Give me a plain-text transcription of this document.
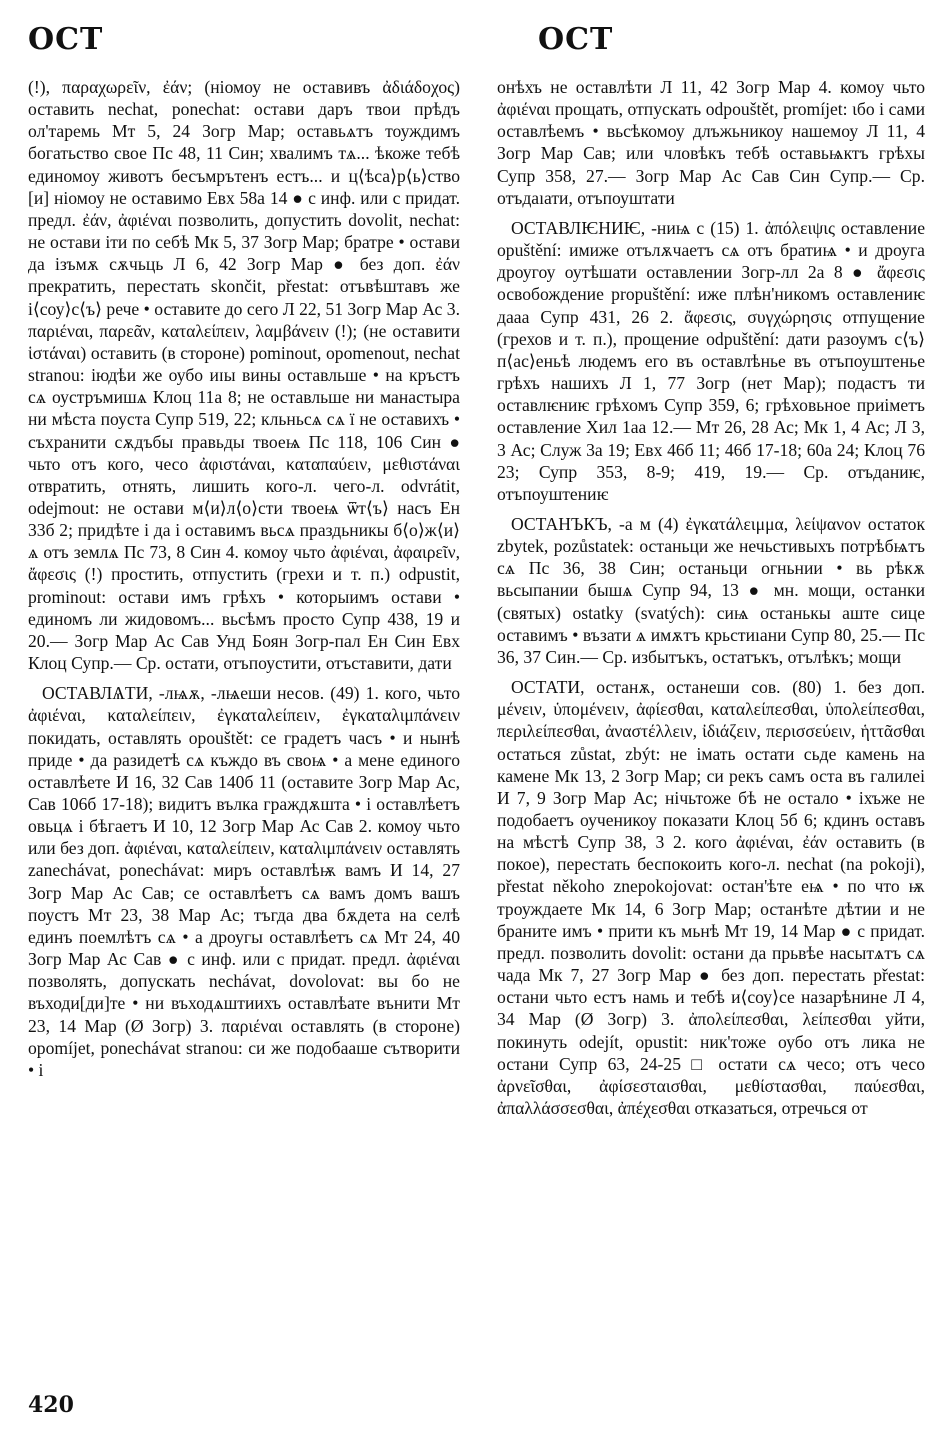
ОСТ	ОСТ

(!), παραχωρεῖν, ἐάν; (нiомоу не оставивъ ἀδιάδοχος) оставить nechat, ponechat: остави даръ твои прѣдъ ол'таремь Мт 5, 24 Зогр Мар; оставьѧтъ тоуждимъ богатьство свое Пс 48, 11 Син; хвалимъ тѧ... ѣкоже тебѣ единомоу животъ бесъмрътенъ естъ... и ц⟨ѣса⟩р⟨ь⟩ство [и] нiомоу не оставимо Евх 58а 14 ● с инф. или с придат. предл. ἐάν, ἀφιέναι позволить, допустить dovolit, nechat: не остави iти по себѣ Мк 5, 37 Зогр Мар; братре • остави да iзъмѫ сѫчьць Л 6, 42 Зогр Мар ● без доп. ἐάν прекратить, перестать skončit, přestat: отъвѣштавъ же i⟨соу⟩с⟨ъ⟩ рече • оставите до сего Л 22, 51 Зогр Мар Ас 3. παριέναι, παρεᾶν, καταλείπειν, λαμβάνειν (!); (не оставити ἱστάναι) оставить (в стороне) pominout, opomenout, nechat stranou: iюдѣи же оубо иɪы вины оставльше • на кръстъ сѧ оустръмишѧ Клоц 11а 8; не оставльше ни манастыра ни мѣста поуста Супр 519, 22; кльньсѧ сѧ ï не оставихъ • съхранити сѫдъбы правьды твоеѩ Пс 118, 106 Син ● чьто отъ кого, чесо ἀφιστάναι, καταπαύειν, μεθιστάναι отвратить, отнять, лишить кого-л. чего-л. odvrátit, odejmout: не остави м⟨и⟩л⟨о⟩сти твоеѩ ѿт⟨ъ⟩ насъ Ен 33б 2; придѣте і да і оставимъ вьсѧ праздьникы б⟨о⟩ж⟨и⟩ѧ отъ землѧ Пс 73, 8 Син 4. комоу чьто ἀφιέναι, ἀφαιρεῖν, ἄφεσις (!) простить, отпустить (грехи и т. п.) odpustit, prominout: остави имъ грѣхъ • которыимъ остави • единомъ ли жидовомъ... вьсѣмъ просто Супр 438, 19 и 20.— Зогр Мар Ас Сав Унд Боян Зогр-пал Ен Син Евх Клоц Супр.— Ср. остати, отъпоустити, отъставити, дати

ОСТАВЛѦТИ, -лѩѫ, -лѩеши несов. (49) 1. кого, чьто ἀφιέναι, καταλείπειν, ἐγκαταλείπειν, ἐγκαταλιμπάνειν покидать, оставлять opouštět: се градетъ часъ • и нынѣ приде • да разидетѣ сѧ къждо въ своѩ • а мене единого оставлѣете И 16, 32 Сав 140б 11 (оставите Зогр Мар Ас, Сав 106б 17-18); видитъ вълка граждѫшта • і оставлѣетъ овьцѧ і бѣгаетъ И 10, 12 Зогр Мар Ас Сав 2. комоу чьто или без доп. ἀφιέναι, καταλείπειν, καταλιμπάνειν оставлять zanechávat, ponechávat: миръ оставлѣѭ вамъ И 14, 27 Зогр Мар Ас Сав; се оставлѣетъ сѧ вамъ домъ вашъ поустъ Мт 23, 38 Мар Ас; тъгда два бѫдета на селѣ единъ поемлѣтъ сѧ • а дроугы оставлѣетъ сѧ Мт 24, 40 Зогр Мар Ас Сав ● с инф. или с придат. предл. ἀφιέναι позволять, допускать nechávat, dovolovat: вы бо не въходи[ди]те • ни въходѧштиихъ оставлѣате вънити Мт 23, 14 Мар (Ø Зогр) 3. παριέναι оставлять (в стороне) opomíjet, ponechávat stranou: си же подобааше сътворити • і

онѣхъ не оставлѣти Л 11, 42 Зогр Мар 4. комоу чьто ἀφιέναι прощать, отпускать odpouštět, promíjet: ιбо і сами оставлѣемъ • вьсѣкомоу длъжьникоу нашемоу Л 11, 4 Зогр Мар Сав; или чловѣкъ тебѣ оставьѩктъ грѣхы Супр 358, 27.— Зогр Мар Ас Сав Син Супр.— Ср. отъдаıати, отъпоуштати

ОСТАВЛѤНИѤ, -ниѩ с (15) 1. ἀπόλειψις оставление opuštění: имиже отълѫчаетъ сѧ отъ братиѩ • и дроуга дроугоу оутѣшати оставлении Зогр-лл 2а 8 ● ἄφεσις освобождение propuštění: иже плѣн'никомъ оставлениѥ дааа Супр 431, 26 2. ἄφεσις, συγχώρησις отпущение (грехов и т. п.), прощение odpuštění: дати разоумъ с⟨ъ⟩п⟨ас⟩еньѣ людемъ его въ оставлѣнье въ отъпоуштенье грѣхъ нашихъ Л 1, 77 Зогр (нет Мар); подастъ ти оставлѥниѥ грѣхомъ Супр 359, 6; грѣховьное приіметъ оставление Хил 1аа 12.— Мт 26, 28 Ас; Мк 1, 4 Ас; Л 3, 3 Ас; Служ 3а 19; Евх 46б 11; 46б 17-18; 60а 24; Клоц 76 23; Супр 353, 8-9; 419, 19.— Ср. отъданиѥ, отъпоуштениѥ

ОСТАНЪКЪ, -а м (4) ἐγκατάλειμμα, λείψανον остаток zbytek, pozůstatek: останьци же нечьстивыхъ потрѣбѩтъ сѧ Пс 36, 38 Син; останьци огньнии • вь рѣкѫ вьсыпании бышѧ Супр 94, 13 ● мн. мощи, останки (святых) ostatky (svatých): сиѩ останькы аште сице оставимъ • възати ѧ имѫтъ крьстиıани Супр 80, 25.— Пс 36, 37 Син.— Ср. избытъкъ, остатъкъ, отълѣкъ; мощи

ОСТАТИ, останѫ, останеши сов. (80) 1. без доп. μένειν, ὑπομένειν, ἀφίεσθαι, καταλείπεσθαι, ὑπολείπεσθαι, περιλείπεσθαι, ἀναστέλλειν, ἰδιάζειν, περισσεύειν, ἡττᾶσθαι остаться zůstat, zbýt: не імать остати сьде камень на камене Мк 13, 2 Зогр Мар; си рекъ самъ оста въ галилеі И 7, 9 Зогр Мар Ас; нiчьтоже бѣ не остало • іхъже не подобаетъ оученикоу показати Клоц 5б 6; кдинъ оставъ на мѣстѣ Супр 38, 3 2. кого ἀφιέναι, ἐάν оставить (в покое), перестать беспокоить кого-л. nechat (na pokoji), přestat někoho znepokojovat: остан'ѣте еѩ • по что ѭ троуждаете Мк 14, 6 Зогр Мар; останѣте дѣтии и не браните имъ • прити къ мьнѣ Мт 19, 14 Мар ● с придат. предл. позволить dovolit: остани да прьвѣе насытѧтъ сѧ чада Мк 7, 27 Зогр Мар ● без доп. перестать přestat: остани чьто естъ намь и тебѣ и⟨соу⟩се назарѣнине Л 4, 34 Мар (Ø Зогр) 3. ἀπολείπεσθαι, λείπεσθαι уйти, покинуть odejít, opustit: ник'тоже оубо отъ лика не остани Супр 63, 24-25 □ остати сѧ чесо; отъ чесо ἀρνεῖσθαι, ἀφίσεσταισθαι, μεθίστασθαι, παύεσθαι, ἀπαλλάσσεσθαι, ἀπέχεσθαι отказаться, отречься от

420
